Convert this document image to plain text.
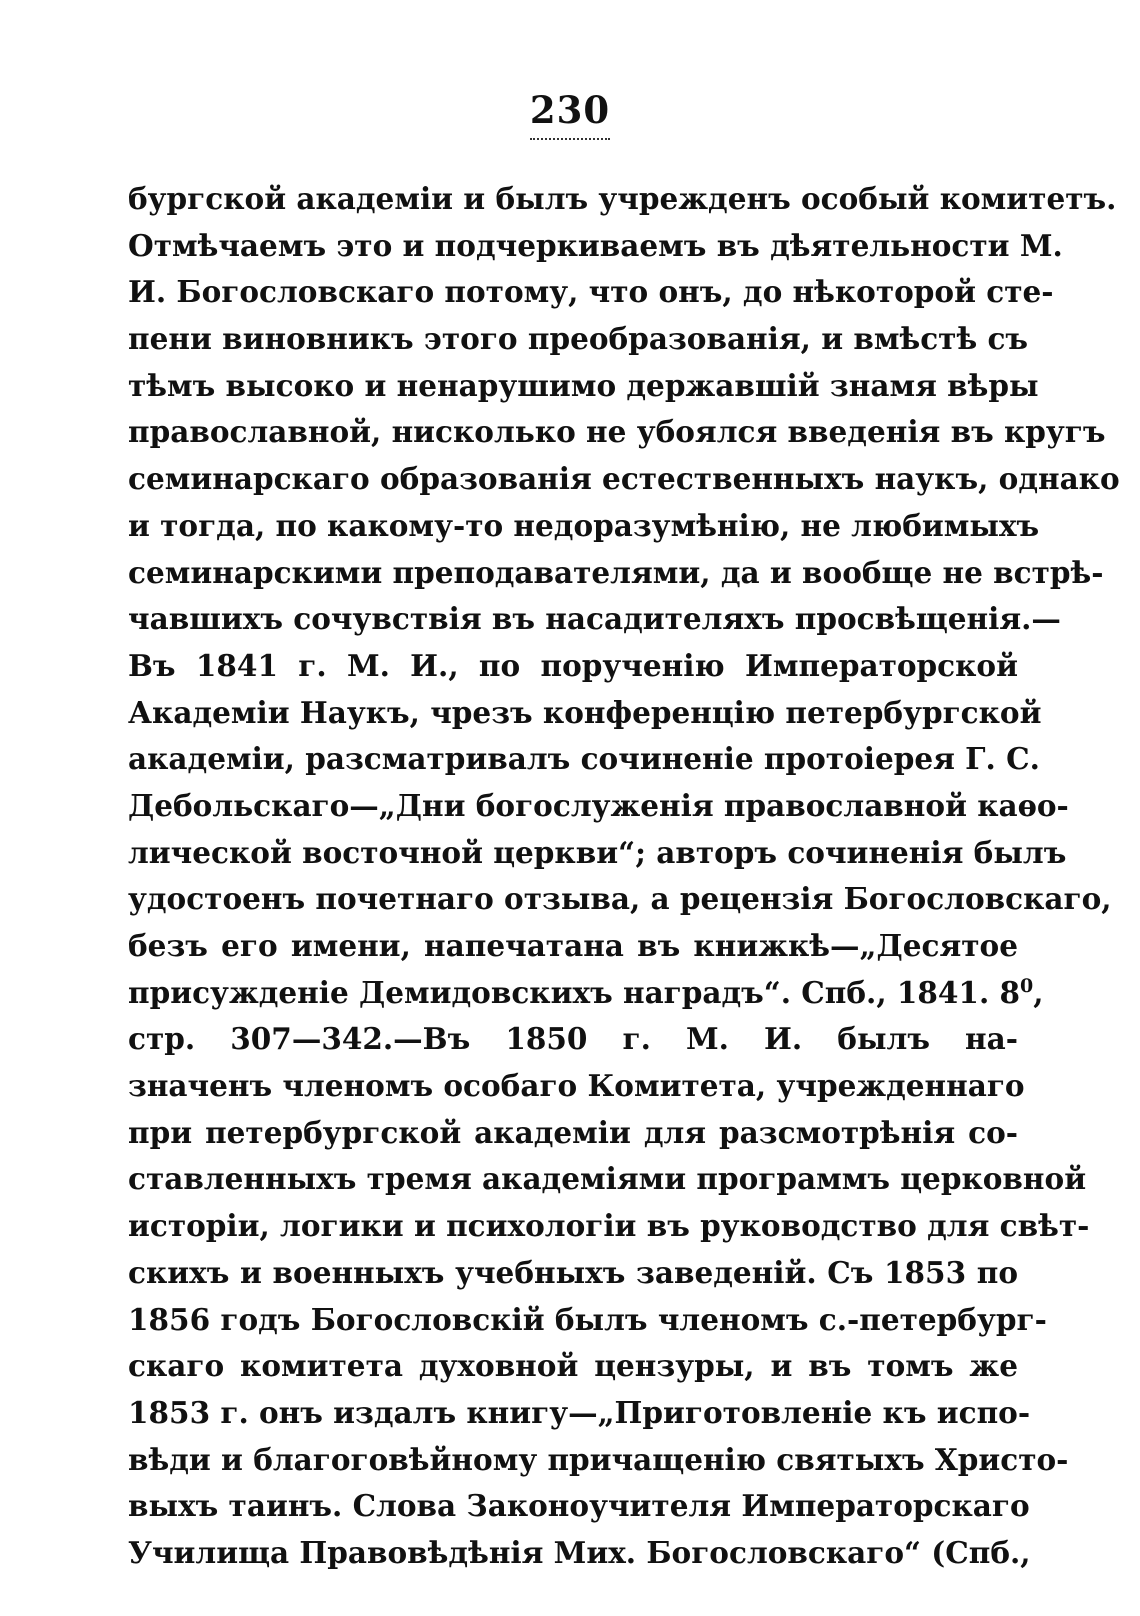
230
бургской академіи и былъ учрежденъ особый комитетъ.
Отмѣчаемъ это и подчеркиваемъ въ дѣятельности М.
И. Богословскаго потому, что онъ, до нѣкоторой сте-
пени виновникъ этого преобразованія, и вмѣстѣ съ
тѣмъ высоко и ненарушимо державшій знамя вѣры
православной, нисколько не убоялся введенія въ кругъ
семинарскаго образованія естественныхъ наукъ, однако
и тогда, по какому-то недоразумѣнію, не любимыхъ
семинарскими преподавателями, да и вообще не встрѣ-
чавшихъ сочувствія въ насадителяхъ просвѣщенія.—
Въ 1841 г. М. И., по порученію Императорской
Академіи Наукъ, чрезъ конференцію петербургской
академіи, разсматривалъ сочиненіе протоіерея Г. С.
Дебольскаго—„Дни богослуженія православной каѳо-
лической восточной церкви“; авторъ сочиненія былъ
удостоенъ почетнаго отзыва, а рецензія Богословскаго,
безъ его имени, напечатана въ книжкѣ—„Десятое
присужденіе Демидовскихъ наградъ“. Спб., 1841. $8^0$,
стр. 307—342.—Въ 1850 г. М. И. былъ на-
значенъ членомъ особаго Комитета, учрежденнаго
при петербургской академіи для разсмотрѣнія со-
ставленныхъ тремя академіями программъ церковной
исторіи, логики и психологіи въ руководство для свѣт-
скихъ и военныхъ учебныхъ заведеній. Съ 1853 по
1856 годъ Богословскій былъ членомъ с.-петербург-
скаго комитета духовной цензуры, и въ томъ же
1853 г. онъ издалъ книгу—„Приготовленіе къ испо-
вѣди и благоговѣйному причащенію святыхъ Христо-
выхъ таинъ. Слова Законоучителя Императорскаго
Училища Правовѣдѣнія Мих. Богословскаго“ (Спб.,
